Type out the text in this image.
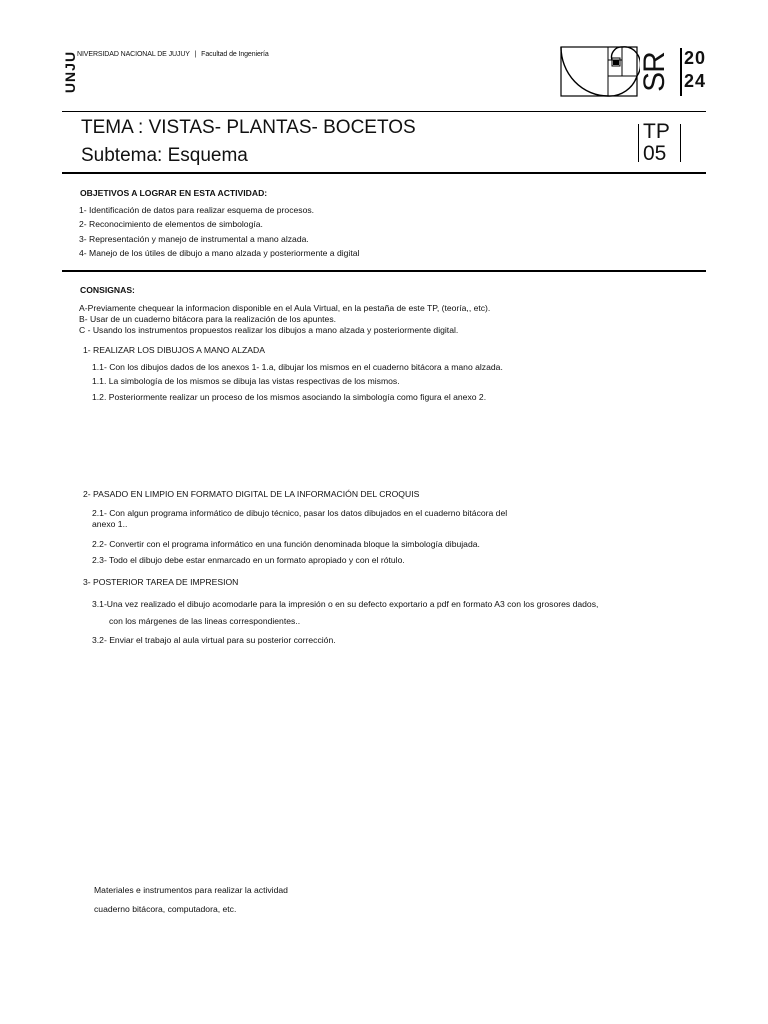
UNJU NIVERSIDAD NACIONAL DE JUJUY | Facultad de Ingeniería	SR 20
24
TEMA : VISTAS- PLANTAS- BOCETOS
Subtema: Esquema
TP
05
OBJETIVOS A LOGRAR EN ESTA ACTIVIDAD:
1- Identificación de datos para realizar esquema de procesos.
2- Reconocimiento de elementos de simbología.
3- Representación y manejo de instrumental a mano alzada.
4- Manejo de los útiles de dibujo a mano alzada y posteriormente a digital
CONSIGNAS:
A-Previamente chequear la informacion disponible en el Aula Virtual, en la pestaña de este TP, (teoría,, etc).
B- Usar de un cuaderno bitácora para la realización de los apuntes.
C - Usando los instrumentos propuestos realizar los dibujos a mano alzada y posteriormente digital.
1- REALIZAR LOS DIBUJOS A MANO ALZADA
1.1- Con los dibujos dados de los anexos 1- 1.a, dibujar los mismos en el cuaderno bitácora a mano alzada.
1.1. La simbología de los mismos se dibuja las vistas respectivas de los mismos.
1.2. Posteriormente realizar un proceso de los mismos asociando la simbología como figura el anexo 2.
2- PASADO EN LIMPIO EN FORMATO DIGITAL DE LA INFORMACIÓN DEL CROQUIS
2.1- Con algun programa informático de dibujo técnico, pasar los datos dibujados en el cuaderno bitácora del
anexo 1..
2.2- Convertir con el programa informático en una función denominada bloque la simbología dibujada.
2.3- Todo el dibujo debe estar enmarcado en un formato apropiado y con el rótulo.
3- POSTERIOR TAREA DE IMPRESION
3.1-Una vez realizado el dibujo acomodarle para la impresión o en su defecto exportario a pdf en formato A3 con los grosores dados,
con los márgenes de las lineas correspondientes..
3.2- Enviar el trabajo al aula virtual para su posterior corrección.
Materiales e instrumentos para realizar la actividad
cuaderno bitácora, computadora, etc.
